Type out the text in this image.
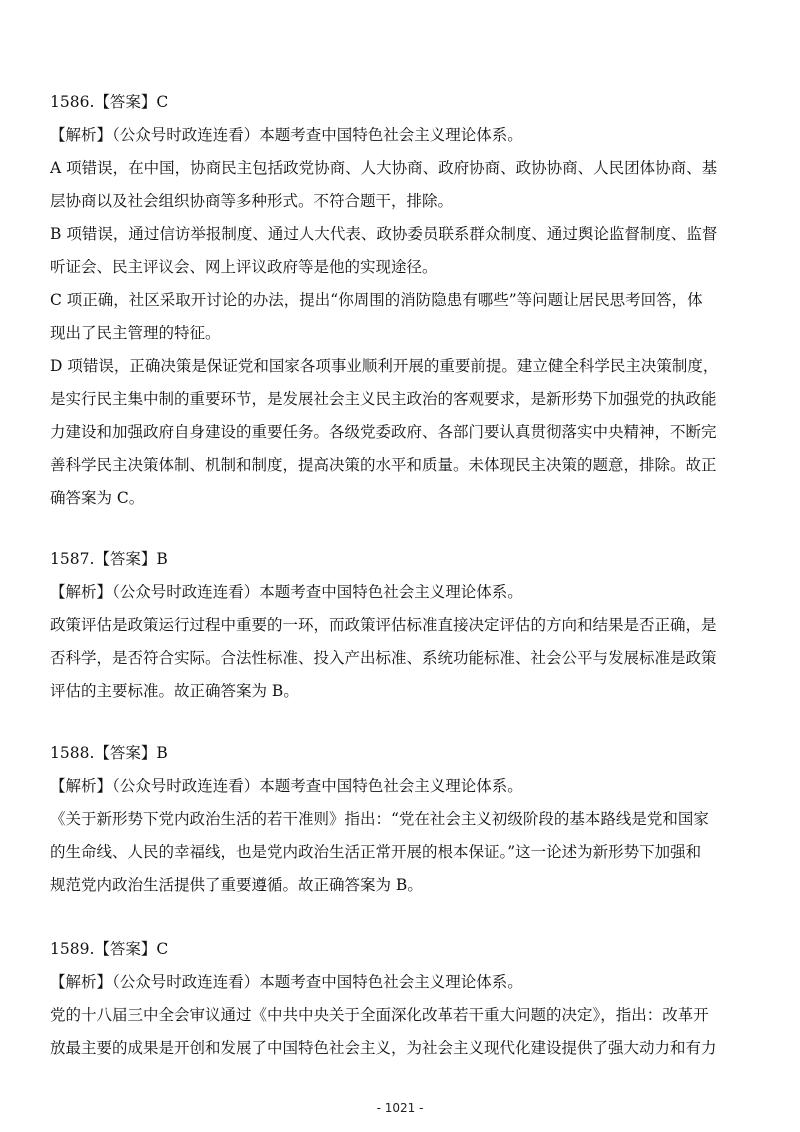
1586.【答案】C
【解析】（公众号时政连连看）本题考查中国特色社会主义理论体系。
A 项错误，在中国，协商民主包括政党协商、人大协商、政府协商、政协协商、人民团体协商、基
层协商以及社会组织协商等多种形式。不符合题干，排除。
B 项错误，通过信访举报制度、通过人大代表、政协委员联系群众制度、通过舆论监督制度、监督
听证会、民主评议会、网上评议政府等是他的实现途径。
C 项正确，社区采取开讨论的办法，提出“你周围的消防隐患有哪些”等问题让居民思考回答，体
现出了民主管理的特征。
D 项错误，正确决策是保证党和国家各项事业顺利开展的重要前提。建立健全科学民主决策制度，
是实行民主集中制的重要环节，是发展社会主义民主政治的客观要求，是新形势下加强党的执政能
力建设和加强政府自身建设的重要任务。各级党委政府、各部门要认真贯彻落实中央精神，不断完
善科学民主决策体制、机制和制度，提高决策的水平和质量。未体现民主决策的题意，排除。故正
确答案为 C。
1587.【答案】B
【解析】（公众号时政连连看）本题考查中国特色社会主义理论体系。
政策评估是政策运行过程中重要的一环，而政策评估标准直接决定评估的方向和结果是否正确，是
否科学，是否符合实际。合法性标准、投入产出标准、系统功能标准、社会公平与发展标准是政策
评估的主要标准。故正确答案为 B。
1588.【答案】B
【解析】（公众号时政连连看）本题考查中国特色社会主义理论体系。
《关于新形势下党内政治生活的若干准则》指出：“党在社会主义初级阶段的基本路线是党和国家
的生命线、人民的幸福线，也是党内政治生活正常开展的根本保证。”这一论述为新形势下加强和
规范党内政治生活提供了重要遵循。故正确答案为 B。
1589.【答案】C
【解析】（公众号时政连连看）本题考查中国特色社会主义理论体系。
党的十八届三中全会审议通过《中共中央关于全面深化改革若干重大问题的决定》，指出：改革开
放最主要的成果是开创和发展了中国特色社会主义，为社会主义现代化建设提供了强大动力和有力
- 1021 -
